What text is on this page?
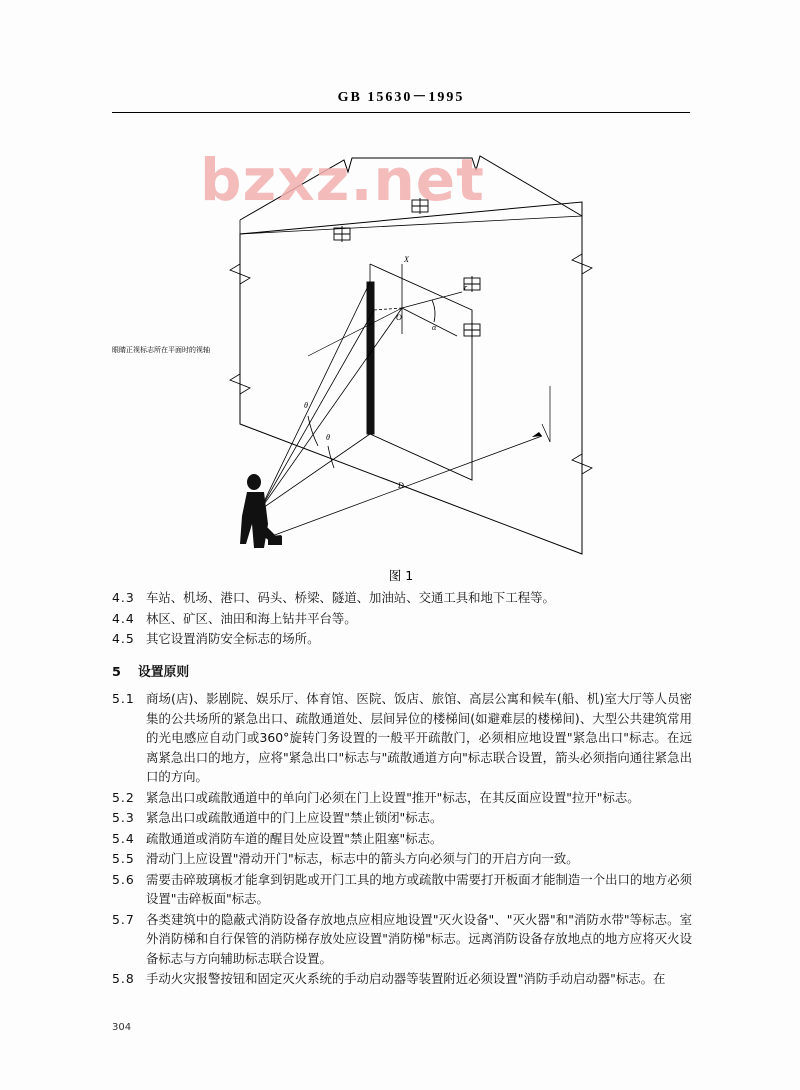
GB 15630－1995
X
O
r
α
θ
θ
D
眼睛正视标志所在平面时的视轴
bzxz.net
图 1
4.3 车站、机场、港口、码头、桥梁、隧道、加油站、交通工具和地下工程等。
4.4 林区、矿区、油田和海上钻井平台等。
4.5 其它设置消防安全标志的场所。
5	设置原则
5.1 商场(店)、影剧院、娱乐厅、体育馆、医院、饭店、旅馆、高层公寓和候车(船、机)室大厅等人员密集的公共场所的紧急出口、疏散通道处、层间异位的楼梯间(如避难层的楼梯间)、大型公共建筑常用的光电感应自动门或360°旋转门务设置的一般平开疏散门，必须相应地设置"紧急出口"标志。在远离紧急出口的地方，应将"紧急出口"标志与"疏散通道方向"标志联合设置，箭头必须指向通往紧急出口的方向。
5.2 紧急出口或疏散通道中的单向门必须在门上设置"推开"标志，在其反面应设置"拉开"标志。
5.3 紧急出口或疏散通道中的门上应设置"禁止锁闭"标志。
5.4 疏散通道或消防车道的醒目处应设置"禁止阻塞"标志。
5.5 滑动门上应设置"滑动开门"标志，标志中的箭头方向必须与门的开启方向一致。
5.6 需要击碎玻璃板才能拿到钥匙或开门工具的地方或疏散中需要打开板面才能制造一个出口的地方必须设置"击碎板面"标志。
5.7 各类建筑中的隐蔽式消防设备存放地点应相应地设置"灭火设备"、"灭火器"和"消防水带"等标志。室外消防梯和自行保管的消防梯存放处应设置"消防梯"标志。远离消防设备存放地点的地方应将灭火设备标志与方向辅助标志联合设置。
5.8 手动火灾报警按钮和固定灭火系统的手动启动器等装置附近必须设置"消防手动启动器"标志。在
304
